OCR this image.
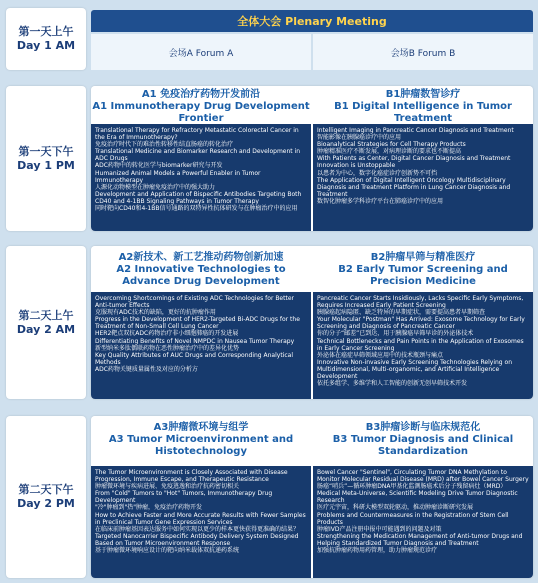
第一天上午
Day 1 AM
第一天下午
Day 1 PM
第二天上午
Day 2 AM
第二天下午
Day 2 PM
全体大会 Plenary Meeting
会场A Forum A	会场B Forum B
A1 免疫治疗药物开发前沿
A1 Immunotherapy Drug Development Frontier
Translational Therapy for Refractory Metastatic Colorectal Cancer in the Era of Immunotherapy?
免疫治疗时代下的难治性转移性结直肠癌的转化治疗
Translational Medicine and Biomarker Research and Development in ADC Drugs
ADC药物中的转化医学与biomarker研究与开发
Humanized Animal Models a Powerful Enabler in Tumor Immunotherapy
人源化动物模型在肿瘤免疫治疗中的强大助力
Development and Application of Bispecific Antibodies Targeting Both CD40 and 4-1BB Signaling Pathways in Tumor Therapy
同时靶向CD40和4-1BB信号通路的双特异性抗体研发与在肿瘤治疗中的应用
B1肿瘤数智诊疗
B1 Digital Intelligence in Tumor Treatment
Intelligent Imaging in Pancreatic Cancer Diagnosis and Treatment
智能影像在胰腺癌诊疗中的应用
Bioanalytical Strategies for Cell Therapy Products
肿瘤精准医疗不断发展，对病理诊断的要求也不断提高
With Patients as Center, Digital Cancer Diagnosis and Treatment Innovation is Unstoppable
以患者为中心，数字化癌症诊疗创新势不可挡
The Application of Digital Intelligent Oncology Multidisciplinary Diagnosis and Treatment Platform in Lung Cancer Diagnosis and Treatment
数智化肿瘤多学科诊疗平台在肺癌诊疗中的应用
A2新技术、新工艺推动药物创新加速
A2 Innovative Technologies to Advance Drug Development
Overcoming Shortcomings of Existing ADC Technologies for Better Anti-tumor Effects
克服现有ADC技术的缺陷，更好的抗肿瘤作用
Progress in the Development of HER2-Targeted Bi-ADC Drugs for the Treatment of Non-Small Cell Lung Cancer
HER2靶点双抗ADC药物治疗非小细胞肺癌的开发进展
Differentiating Benefits of Novel NMPDC in Nausea Tumor Therapy
新型纳米多肽偶联药物在恶性肿瘤治疗中的差异化优势
Key Quality Attributes of AUC Drugs and Corresponding Analytical Methods
ADC药物关键质量属性及对应的分析方
B2肿瘤早筛与精准医疗
B2 Early Tumor Screening and Precision Medicine
Pancreatic Cancer Starts Insidiously, Lacks Specific Early Symptoms, Requires Increased Early Patient Screening
胰腺癌起病隐匿、缺乏特异的早期症状，需要提高患者早期筛查
Your Molecular "Postman" Has Arrived: Exosome Technology for Early Screening and Diagnosis of Pancreatic Cancer
你的分子“邮差”已到达，用于胰腺癌早筛早诊的外泌体技术
Technical Bottlenecks and Pain Points in the Application of Exosomes in Early Cancer Screening
外泌体在癌症早筛领域应用中的技术瓶颈与痛点
Innovative Non-invasive Early Screening Technologies Relying on Multidimensional, Multi-organomic, and Artificial Intelligence Development
依托多组学、多维学和人工智能的创新无创早筛技术开发
A3肿瘤微环境与组学
A3 Tumor Microenvironment and Histotechnology
The Tumor Microenvironment is Closely Associated with Disease Progression, Immune Escape, and Therapeutic Resistance
肿瘤微环境与疾病进展、免疫逃逸和治疗抗药密切相关
From "Cold" Tumors to "Hot" Tumors, Immunotherapy Drug Development
"冷"肿瘤到"热"肿瘤，免疫治疗药物开发
How to Achieve Faster and More Accurate Results with Fewer Samples in Preclinical Tumor Gene Expression Services
在临床前肿瘤基因表达服务中如何实现以更少的样本更快获得更准确的结果？
Targeted Nanocarrier Bispecific Antibody Delivery System Designed Based on Tumor Microenvironment Response
基于肿瘤微环境响应设计的靶向纳米载体双抗递药系统
B3肿瘤诊断与临床规范化
B3 Tumor Diagnosis and Clinical Standardization
Bowel Cancer "Sentinel", Circulating Tumor DNA Methylation to Monitor Molecular Residual Disease (MRD) after Bowel Cancer Surgery
肠癌“哨兵”—循环肿瘤DNA甲基化监测肠癌术后分子残留病灶（MRD）
Medical Meta-Universe, Scientific Modeling Drive Tumor Diagnostic Research
医疗元宇宙，科研大模型双轮驱动，推动肿瘤诊断研究发展
Problems and Countermeasures in the Registration of Stem Cell Products
肿瘤IVD产品注册申报中可能遇到的问题及对策
Strengthening the Medication Management of Anti-tumor Drugs and Helping Standardized Tumor Diagnosis and Treatment
加强抗肿瘤药物用药管理，助力肿瘤规范诊疗
